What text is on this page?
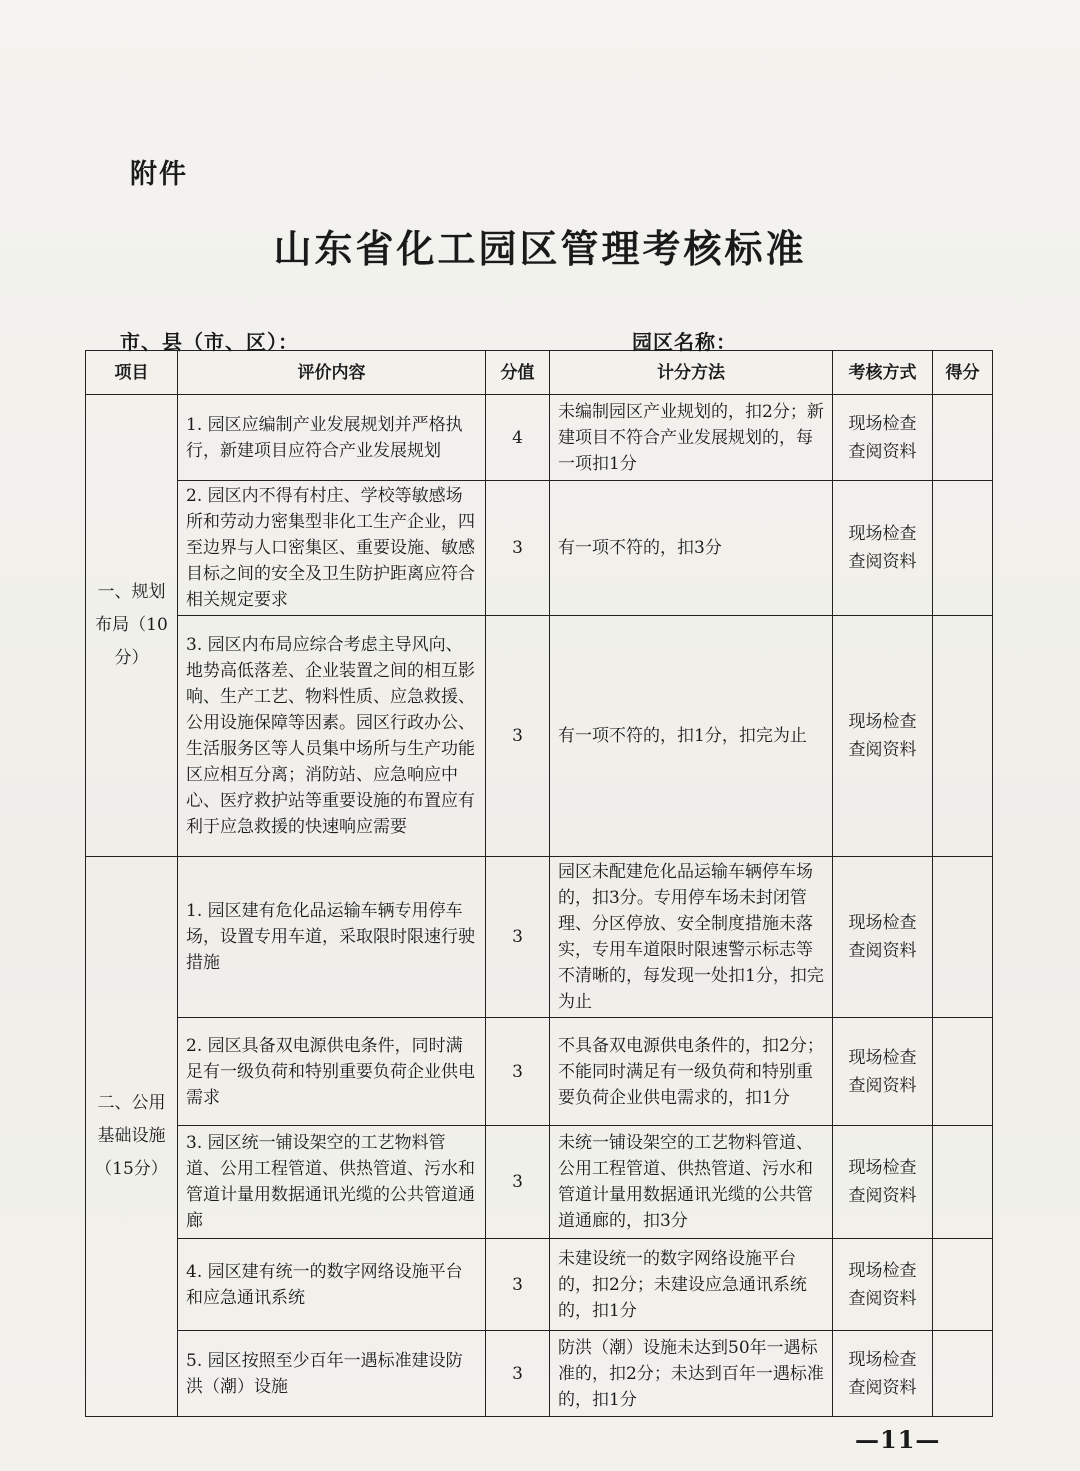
附件
山东省化工园区管理考核标准
市、县（市、区）：	园区名称：
项目	评价内容	分值	计分方法	考核方式	得分
一、规划布局（10分）	1. 园区应编制产业发展规划并严格执行，新建项目应符合产业发展规划	4	未编制园区产业规划的，扣2分；新建项目不符合产业发展规划的，每一项扣1分	现场检查查阅资料	
	2. 园区内不得有村庄、学校等敏感场所和劳动力密集型非化工生产企业，四至边界与人口密集区、重要设施、敏感目标之间的安全及卫生防护距离应符合相关规定要求	3	有一项不符的，扣3分	现场检查查阅资料	
	3. 园区内布局应综合考虑主导风向、地势高低落差、企业装置之间的相互影响、生产工艺、物料性质、应急救援、公用设施保障等因素。园区行政办公、生活服务区等人员集中场所与生产功能区应相互分离；消防站、应急响应中心、医疗救护站等重要设施的布置应有利于应急救援的快速响应需要	3	有一项不符的，扣1分，扣完为止	现场检查查阅资料	
二、公用基础设施（15分）	1. 园区建有危化品运输车辆专用停车场，设置专用车道，采取限时限速行驶措施	3	园区未配建危化品运输车辆停车场的，扣3分。专用停车场未封闭管理、分区停放、安全制度措施未落实，专用车道限时限速警示标志等不清晰的，每发现一处扣1分，扣完为止	现场检查查阅资料	
	2. 园区具备双电源供电条件，同时满足有一级负荷和特别重要负荷企业供电需求	3	不具备双电源供电条件的，扣2分；不能同时满足有一级负荷和特别重要负荷企业供电需求的，扣1分	现场检查查阅资料	
	3. 园区统一铺设架空的工艺物料管道、公用工程管道、供热管道、污水和管道计量用数据通讯光缆的公共管道通廊	3	未统一铺设架空的工艺物料管道、公用工程管道、供热管道、污水和管道计量用数据通讯光缆的公共管道通廊的，扣3分	现场检查查阅资料	
	4. 园区建有统一的数字网络设施平台和应急通讯系统	3	未建设统一的数字网络设施平台的，扣2分；未建设应急通讯系统的，扣1分	现场检查查阅资料	
	5. 园区按照至少百年一遇标准建设防洪（潮）设施	3	防洪（潮）设施未达到50年一遇标准的，扣2分；未达到百年一遇标准的，扣1分	现场检查查阅资料	
—11—
